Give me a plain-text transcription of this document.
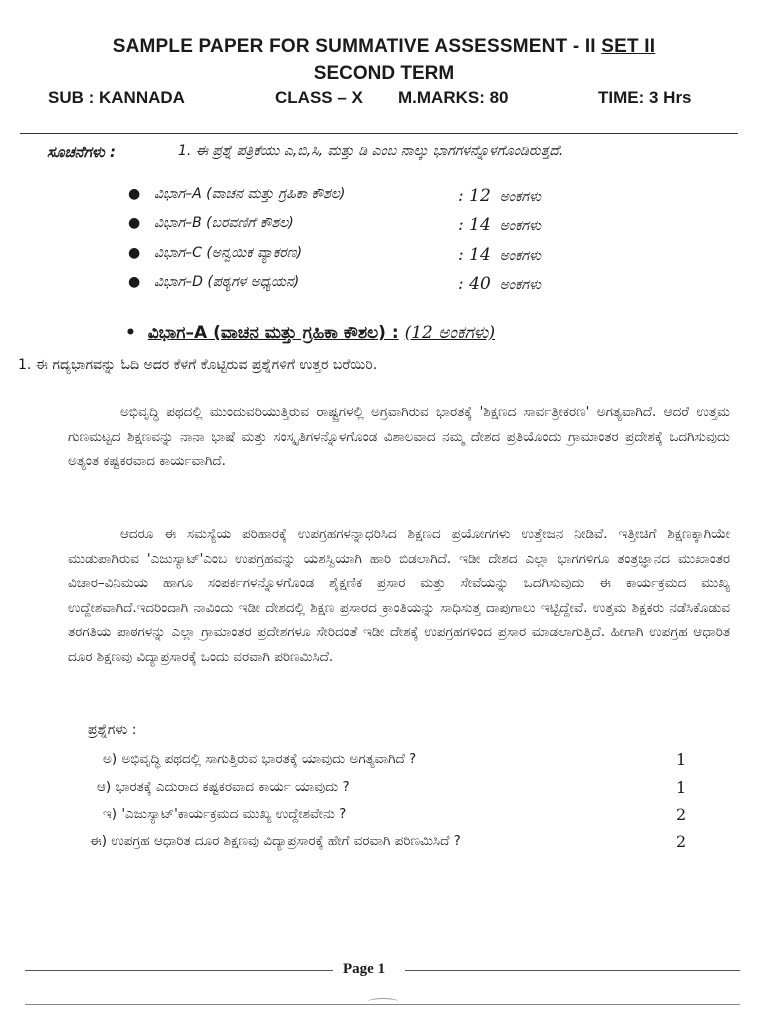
SAMPLE PAPER FOR SUMMATIVE ASSESSMENT - II SET II
SECOND TERM
SUB : KANNADA	CLASS – X M.MARKS: 80	TIME: 3 Hrs
ಸೂಚನೆಗಳು :	1. ಈ ಪ್ರಶ್ನೆ ಪತ್ರಿಕೆಯು ಎ,ಬಿ,ಸಿ, ಮತ್ತು ಡಿ ಎಂಬ ನಾಲ್ಕು ಭಾಗಗಳನ್ನೊಳಗೊಂಡಿರುತ್ತದೆ.
● ವಿಭಾಗ–A (ವಾಚನ ಮತ್ತು ಗ್ರಹಿಕಾ ಕೌಶಲ)	: 12 ಅಂಕಗಳು
● ವಿಭಾಗ–B (ಬರವಣಿಗೆ ಕೌಶಲ)	: 14 ಅಂಕಗಳು
● ವಿಭಾಗ–C (ಅನ್ವಯಿಕ ವ್ಯಾಕರಣ)	: 14 ಅಂಕಗಳು
● ವಿಭಾಗ–D (ಪಠ್ಯಗಳ ಅಧ್ಯಯನ)	: 40 ಅಂಕಗಳು
• ವಿಭಾಗ–A (ವಾಚನ ಮತ್ತು ಗ್ರಹಿಕಾ ಕೌಶಲ) : (12 ಅಂಕಗಳು)
1. ಈ ಗದ್ಯಭಾಗವನ್ನು ಓದಿ ಅದರ ಕೆಳಗೆ ಕೊಟ್ಟಿರುವ ಪ್ರಶ್ನೆಗಳಿಗೆ ಉತ್ತರ ಬರೆಯಿರಿ.
ಅಭಿವೃದ್ಧಿ ಪಥದಲ್ಲಿ ಮುಂದುವರಿಯುತ್ತಿರುವ ರಾಷ್ಟ್ರಗಳಲ್ಲಿ ಅಗ್ರವಾಗಿರುವ ಭಾರತಕ್ಕೆ 'ಶಿಕ್ಷಣದ ಸಾರ್ವತ್ರೀಕರಣ' ಅಗತ್ಯವಾಗಿದೆ. ಆದರೆ ಉತ್ತಮ ಗುಣಮಟ್ಟದ ಶಿಕ್ಷಣವನ್ನು ನಾನಾ ಭಾಷೆ ಮತ್ತು ಸಂಸ್ಕೃತಿಗಳನ್ನೊಳಗೊಂಡ ವಿಶಾಲವಾದ ನಮ್ಮ ದೇಶದ ಪ್ರತಿಯೊಂದು ಗ್ರಾಮಾಂತರ ಪ್ರದೇಶಕ್ಕೆ ಒದಗಿಸುವುದು ಅತ್ಯಂತ ಕಷ್ಟಕರವಾದ ಕಾರ್ಯವಾಗಿದೆ.
ಆದರೂ ಈ ಸಮಸ್ಯೆಯ ಪರಿಹಾರಕ್ಕೆ ಉಪಗ್ರಹಗಳನ್ನಾಧರಿಸಿದ ಶಿಕ್ಷಣದ ಪ್ರಯೋಗಗಳು ಉತ್ತೇಜನ ನೀಡಿವೆ. ಇತ್ತೀಚಿಗೆ ಶಿಕ್ಷಣಕ್ಕಾಗಿಯೇ ಮುಡುಪಾಗಿರುವ 'ಎಜುಸ್ಯಾಟ್'ಎಂಬ ಉಪಗ್ರಹವನ್ನು ಯಶಸ್ವಿಯಾಗಿ ಹಾರಿ ಬಿಡಲಾಗಿದೆ. ಇಡೀ ದೇಶದ ಎಲ್ಲಾ ಭಾಗಗಳಿಗೂ ತಂತ್ರಜ್ಞಾನದ ಮುಖಾಂತರ ವಿಚಾರ–ವಿನಿಮಯ ಹಾಗೂ ಸಂಪರ್ಕಗಳನ್ನೊಳಗೊಂಡ ಶೈಕ್ಷಣಿಕ ಪ್ರಸಾರ ಮತ್ತು ಸೇವೆಯನ್ನು ಒದಗಿಸುವುದು ಈ ಕಾರ್ಯಕ್ರಮದ ಮುಖ್ಯ ಉದ್ದೇಶವಾಗಿದೆ.ಇದರಿಂದಾಗಿ ನಾವಿಂದು ಇಡೀ ದೇಶದಲ್ಲಿ ಶಿಕ್ಷಣ ಪ್ರಸಾರದ ಕ್ರಾಂತಿಯನ್ನು ಸಾಧಿಸುತ್ತ ದಾಪುಗಾಲು ಇಟ್ಟಿದ್ದೇವೆ. ಉತ್ತಮ ಶಿಕ್ಷಕರು ನಡೆಸಿಕೊಡುವ ತರಗತಿಯ ಪಾಠಗಳನ್ನು ಎಲ್ಲಾ ಗ್ರಾಮಾಂತರ ಪ್ರದೇಶಗಳೂ ಸೇರಿದಂತೆ ಇಡೀ ದೇಶಕ್ಕೆ ಉಪಗ್ರಹಗಳಿಂದ ಪ್ರಸಾರ ಮಾಡಲಾಗುತ್ತಿದೆ. ಹೀಗಾಗಿ ಉಪಗ್ರಹ ಆಧಾರಿತ ದೂರ ಶಿಕ್ಷಣವು ವಿದ್ಯಾಪ್ರಸಾರಕ್ಕೆ ಒಂದು ವರವಾಗಿ ಪರಿಣಮಿಸಿದೆ.
ಪ್ರಶ್ನೆಗಳು :
ಅ) ಅಭಿವೃದ್ಧಿ ಪಥದಲ್ಲಿ ಸಾಗುತ್ತಿರುವ ಭಾರತಕ್ಕೆ ಯಾವುದು ಅಗತ್ಯವಾಗಿದೆ ?	1
ಆ) ಭಾರತಕ್ಕೆ ಎದುರಾದ ಕಷ್ಟಕರವಾದ ಕಾರ್ಯ ಯಾವುದು ?	1
ಇ) 'ಎಜುಸ್ಯಾಟ್'ಕಾರ್ಯಕ್ರಮದ ಮುಖ್ಯ ಉದ್ದೇಶವೇನು ?	2
ಈ) ಉಪಗ್ರಹ ಆಧಾರಿತ ದೂರ ಶಿಕ್ಷಣವು ವಿದ್ಯಾಪ್ರಸಾರಕ್ಕೆ ಹೇಗೆ ವರವಾಗಿ ಪರಿಣಮಿಸಿದೆ ?	2
Page 1
